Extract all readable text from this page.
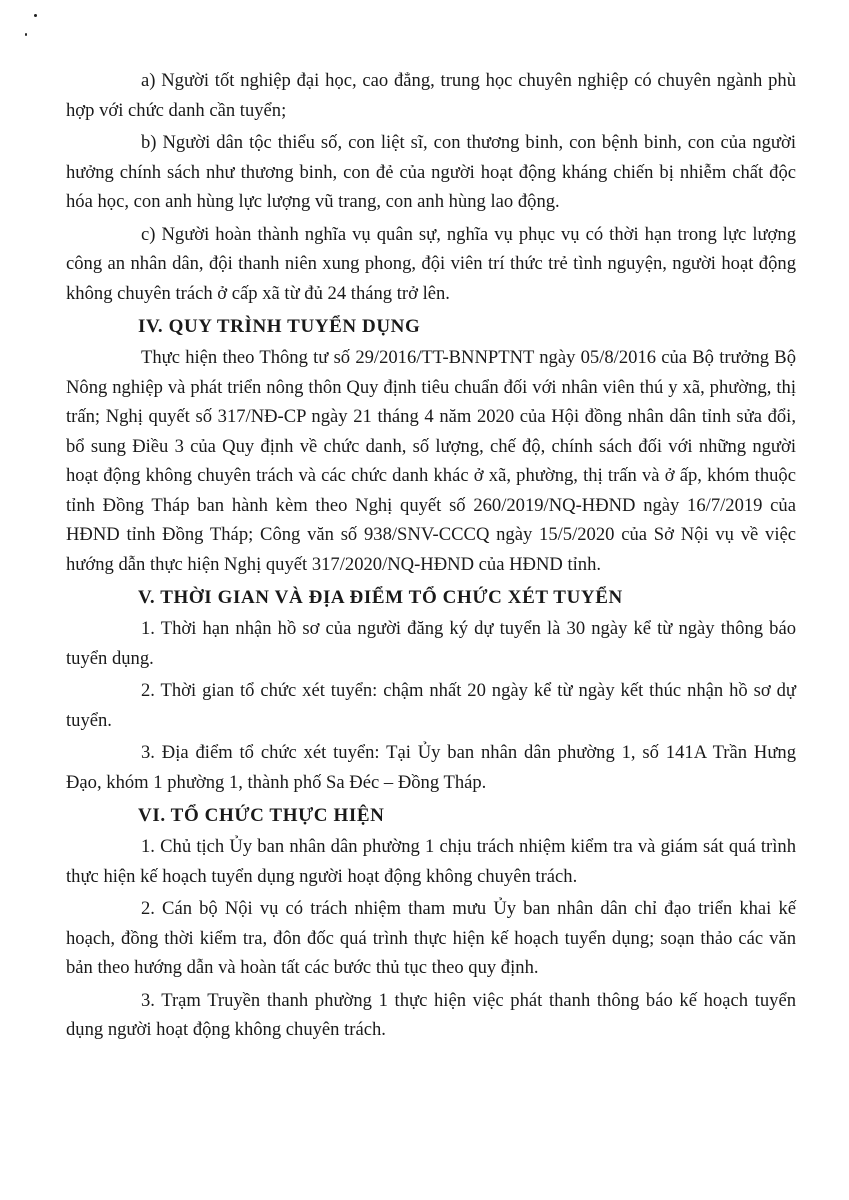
a) Người tốt nghiệp đại học, cao đẳng, trung học chuyên nghiệp có chuyên ngành phù hợp với chức danh cần tuyển;

b) Người dân tộc thiểu số, con liệt sĩ, con thương binh, con bệnh binh, con của người hưởng chính sách như thương binh, con đẻ của người hoạt động kháng chiến bị nhiễm chất độc hóa học, con anh hùng lực lượng vũ trang, con anh hùng lao động.

c) Người hoàn thành nghĩa vụ quân sự, nghĩa vụ phục vụ có thời hạn trong lực lượng công an nhân dân, đội thanh niên xung phong, đội viên trí thức trẻ tình nguyện, người hoạt động không chuyên trách ở cấp xã từ đủ 24 tháng trở lên.

IV. QUY TRÌNH TUYỂN DỤNG

Thực hiện theo Thông tư số 29/2016/TT-BNNPTNT ngày 05/8/2016 của Bộ trưởng Bộ Nông nghiệp và phát triển nông thôn Quy định tiêu chuẩn đối với nhân viên thú y xã, phường, thị trấn; Nghị quyết số 317/NĐ-CP ngày 21 tháng 4 năm 2020 của Hội đồng nhân dân tỉnh sửa đổi, bổ sung Điều 3 của Quy định về chức danh, số lượng, chế độ, chính sách đối với những người hoạt động không chuyên trách và các chức danh khác ở xã, phường, thị trấn và ở ấp, khóm thuộc tỉnh Đồng Tháp ban hành kèm theo Nghị quyết số 260/2019/NQ-HĐND ngày 16/7/2019 của HĐND tỉnh Đồng Tháp; Công văn số 938/SNV-CCCQ ngày 15/5/2020 của Sở Nội vụ về việc hướng dẫn thực hiện Nghị quyết 317/2020/NQ-HĐND của HĐND tỉnh.

V. THỜI GIAN VÀ ĐỊA ĐIỂM TỔ CHỨC XÉT TUYỂN

1. Thời hạn nhận hồ sơ của người đăng ký dự tuyển là 30 ngày kể từ ngày thông báo tuyển dụng.

2. Thời gian tổ chức xét tuyển: chậm nhất 20 ngày kể từ ngày kết thúc nhận hồ sơ dự tuyển.

3. Địa điểm tổ chức xét tuyển: Tại Ủy ban nhân dân phường 1, số 141A Trần Hưng Đạo, khóm 1 phường 1, thành phố Sa Đéc – Đồng Tháp.

VI. TỔ CHỨC THỰC HIỆN

1. Chủ tịch Ủy ban nhân dân phường 1 chịu trách nhiệm kiểm tra và giám sát quá trình thực hiện kế hoạch tuyển dụng người hoạt động không chuyên trách.

2. Cán bộ Nội vụ có trách nhiệm tham mưu Ủy ban nhân dân chỉ đạo triển khai kế hoạch, đồng thời kiểm tra, đôn đốc quá trình thực hiện kế hoạch tuyển dụng; soạn thảo các văn bản theo hướng dẫn và hoàn tất các bước thủ tục theo quy định.

3. Trạm Truyền thanh phường 1 thực hiện việc phát thanh thông báo kế hoạch tuyển dụng người hoạt động không chuyên trách.
